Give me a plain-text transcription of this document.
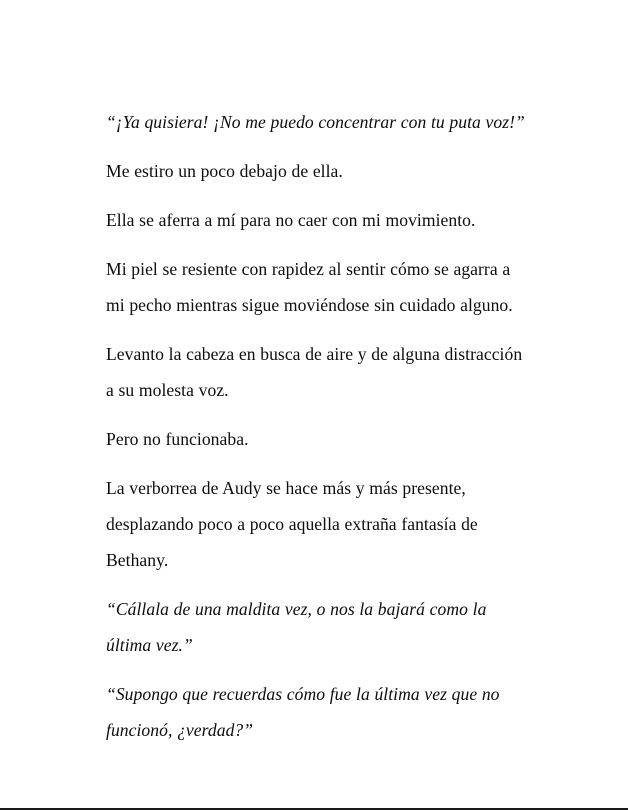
“¡Ya quisiera! ¡No me puedo concentrar con tu puta voz!”

Me estiro un poco debajo de ella.

Ella se aferra a mí para no caer con mi movimiento.

Mi piel se resiente con rapidez al sentir cómo se agarra a mi pecho mientras sigue moviéndose sin cuidado alguno.

Levanto la cabeza en busca de aire y de alguna distracción a su molesta voz.

Pero no funcionaba.

La verborrea de Audy se hace más y más presente, desplazando poco a poco aquella extraña fantasía de Bethany.

“Cállala de una maldita vez, o nos la bajará como la última vez.”

“Supongo que recuerdas cómo fue la última vez que no funcionó, ¿verdad?”
